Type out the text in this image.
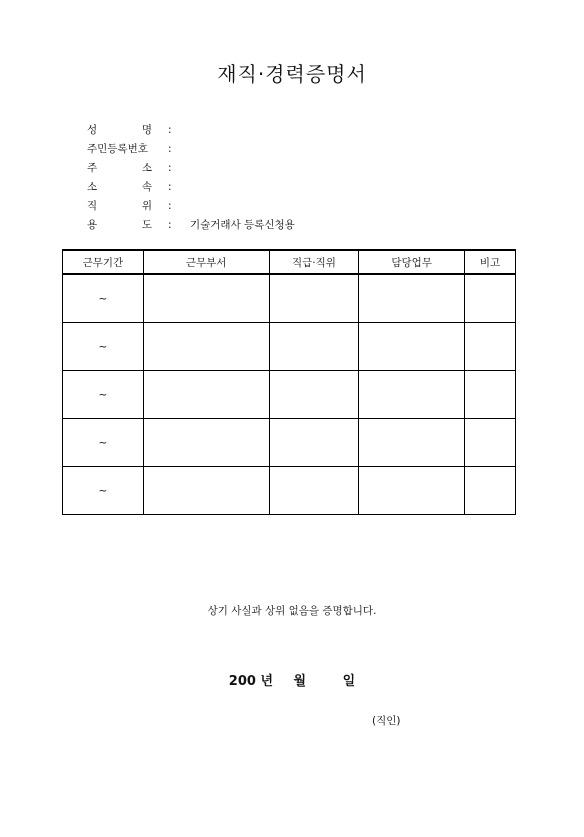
재직·경력증명서
성	명	:
주민등록번호	:
주	소	:
소	속	:
직	위	:
용	도	:	기술거래사 등록신청용
근무기간	근무부서	직급·직위	담당업무	비고
~				
~				
~				
~				
~				
상기 사실과 상위 없음을 증명합니다.
200 년 월	일
(직인)
